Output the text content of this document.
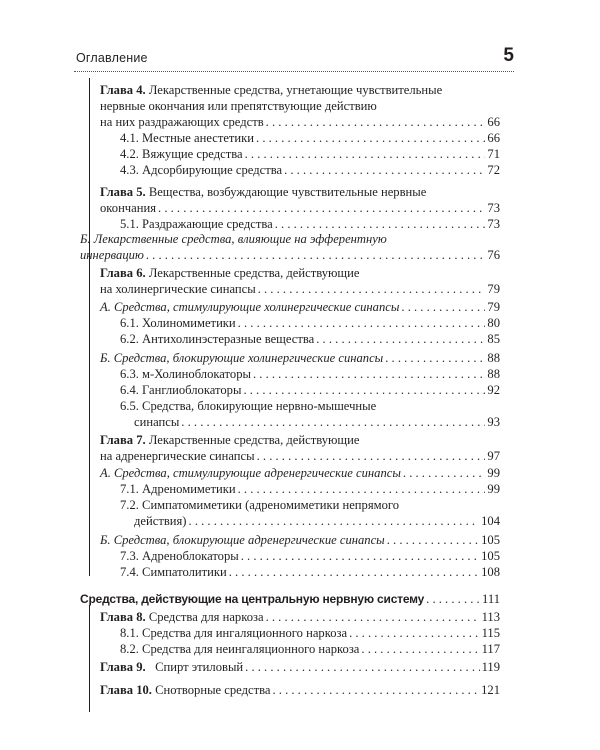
Оглавление	5
Глава 4. Лекарственные средства, угнетающие чувствительные
нервные окончания или препятствующие действию
на них раздражающих средств . . .	66
4.1. Местные анестетики . . .	66
4.2. Вяжущие средства . . .	71
4.3. Адсорбирующие средства . . .	72
Глава 5. Вещества, возбуждающие чувствительные нервные
окончания . . .	73
5.1. Раздражающие средства . . .	73
Б. Лекарственные средства, влияющие на эфферентную
иннервацию . . .	76
Глава 6. Лекарственные средства, действующие
на холинергические синапсы . . .	79
А. Средства, стимулирующие холинергические синапсы . . .	79
6.1. Холиномиметики . . .	80
6.2. Антихолинэстеразные вещества . . .	85
Б. Средства, блокирующие холинергические синапсы . . .	88
6.3. м-Холиноблокаторы . . .	88
6.4. Ганглиоблокаторы . . .	92
6.5. Средства, блокирующие нервно-мышечные
синапсы . . .	93
Глава 7. Лекарственные средства, действующие
на адренергические синапсы . . .	97
А. Средства, стимулирующие адренергические синапсы . . .	99
7.1. Адреномиметики . . .	99
7.2. Симпатомиметики (адреномиметики непрямого
действия) . . .	104
Б. Средства, блокирующие адренергические синапсы . . .	105
7.3. Адреноблокаторы . . .	105
7.4. Симпатолитики . . .	108
Средства, действующие на центральную нервную систему . . .	111
Глава 8. Средства для наркоза . . .	113
8.1. Средства для ингаляционного наркоза . . .	115
8.2. Средства для неингаляционного наркоза . . .	117
Глава 9. Спирт этиловый . . .	119
Глава 10. Снотворные средства . . .	121
